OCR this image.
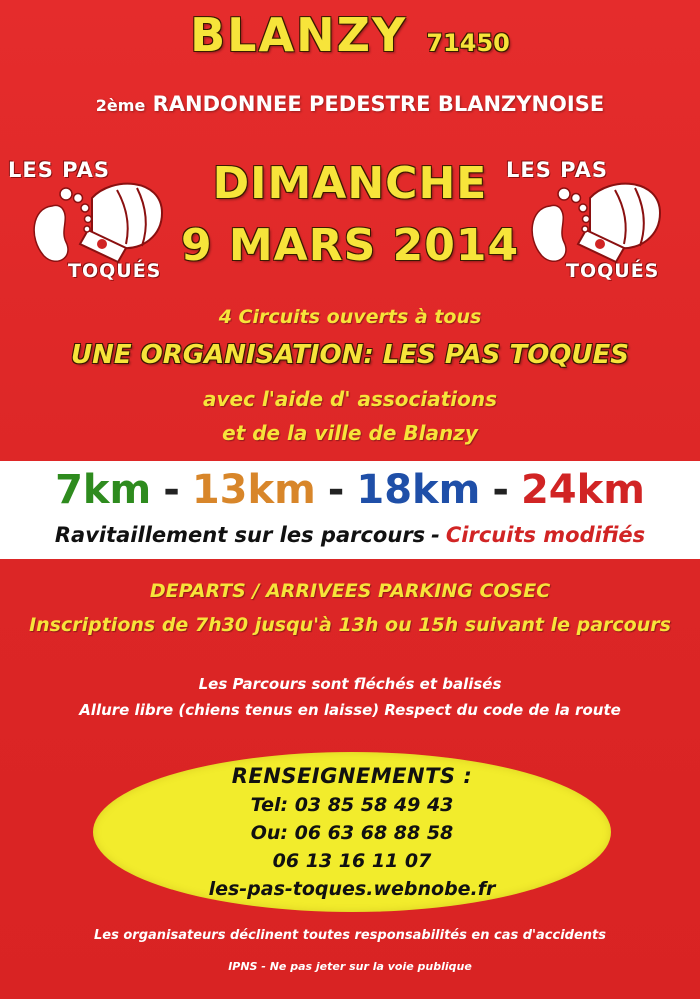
BLANZY 71450
2ème RANDONNEE PEDESTRE BLANZYNOISE
LES PAS
TOQUÉS
LES PAS
TOQUÉS
DIMANCHE
9 MARS 2014
4 Circuits ouverts à tous
UNE ORGANISATION: LES PAS TOQUES
avec l'aide d' associations
et de la ville de Blanzy
7km - 13km - 18km - 24km
Ravitaillement sur les parcours - Circuits modifiés
DEPARTS / ARRIVEES PARKING COSEC
Inscriptions de 7h30 jusqu'à 13h ou 15h suivant le parcours
Les Parcours sont fléchés et balisés
Allure libre (chiens tenus en laisse) Respect du code de la route
RENSEIGNEMENTS :
Tel: 03 85 58 49 43
Ou: 06 63 68 88 58
06 13 16 11 07
les-pas-toques.webnobe.fr
Les organisateurs déclinent toutes responsabilités en cas d'accidents
IPNS - Ne pas jeter sur la voie publique
